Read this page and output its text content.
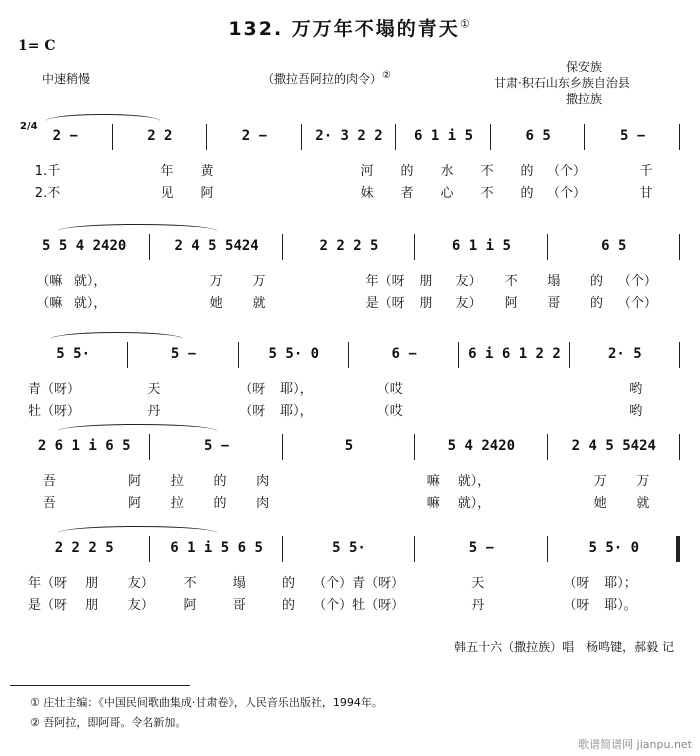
132. 万万年不塌的青天①
1= C
中速稍慢	（撒拉吾阿拉的肉令）②
保安族
甘肃·积石山东乡族自治县
撒拉族
2/4
2 −	2 2	2 −	2· 3 2 2	6 1 i 5	6 5	5 −
1.千	年	黄	河	的	水	不	的	（个）	千
2.不	见	阿	妹	者	心	不	的	（个）	甘
5 5 4 2420	2 4 5 5424	2 2 2 5	6 1 i 5	6 5
（嘛 就），	万	万	年（呀	朋	友）	不	塌	的	（个）
（嘛 就），	她	就	是（呀	朋	友）	阿	哥	的	（个）
5 5·	5 −	5 5· 0	6 −	6 i 6 1 2 2	2· 5
青（呀）	天	（呀	耶），	（哎	哟
牡（呀）	丹	（呀	耶），	（哎	哟
2 6 1 i 6 5	5 −	5	5 4 2420	2 4 5 5424
吾	阿	拉	的	肉	嘛	就），	万	万
吾	阿	拉	的	肉	嘛	就），	她	就
2 2 2 5	6 1 i 5 6 5	5 5·	5 −	5 5· 0
年（呀	朋	友）	不	塌	的	（个） 青（呀）	天	（呀	耶）；
是（呀	朋	友）	阿	哥	的	（个） 牡（呀）	丹	（呀	耶）。
韩五十六（撒拉族）唱　杨鸣键，郝毅 记
① 庄壮主编：《中国民间歌曲集成·甘肃卷》，人民音乐出版社，1994年。
② 吾阿拉，即阿哥。令名新加。
歌谱简谱网 jianpu.net
